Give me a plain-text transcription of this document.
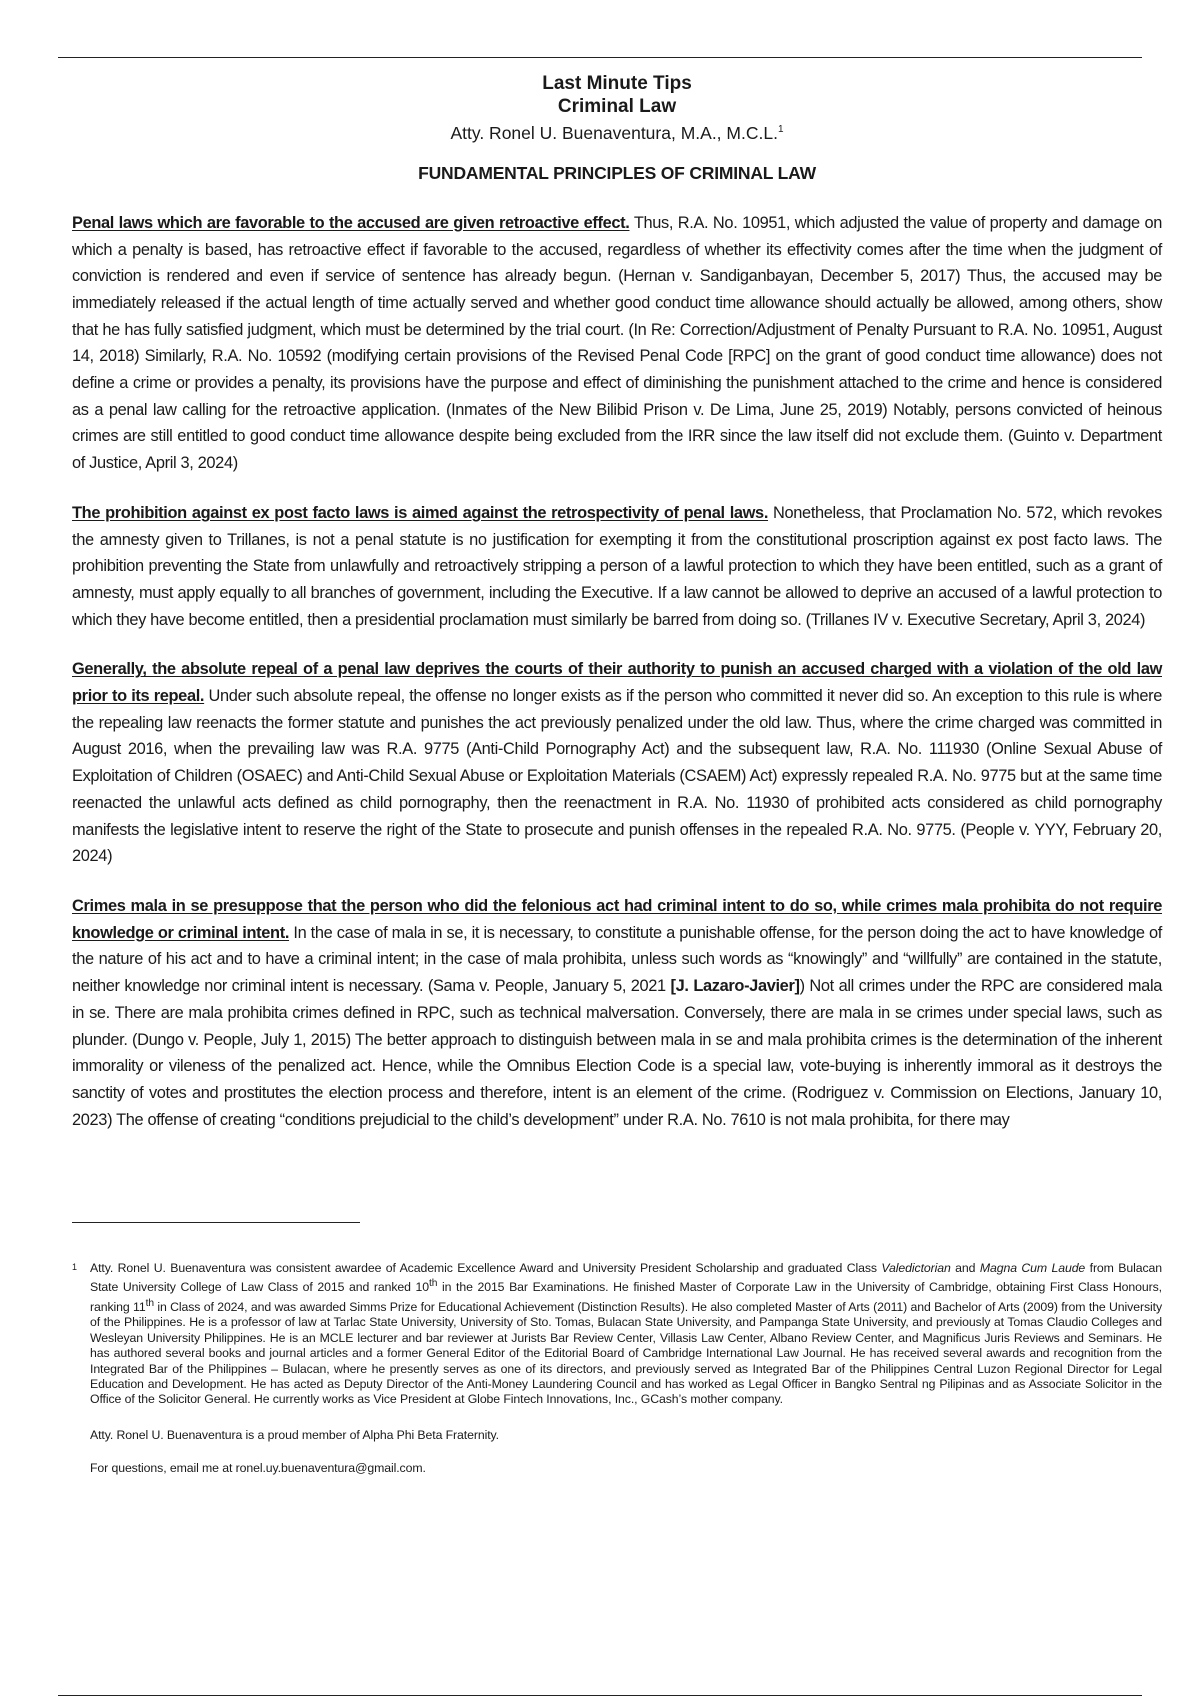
Last Minute Tips
Criminal Law
Atty. Ronel U. Buenaventura, M.A., M.C.L.$^1$
FUNDAMENTAL PRINCIPLES OF CRIMINAL LAW

Penal laws which are favorable to the accused are given retroactive effect. Thus, R.A. No. 10951, which adjusted the value of property and damage on which a penalty is based, has retroactive effect if favorable to the accused, regardless of whether its effectivity comes after the time when the judgment of conviction is rendered and even if service of sentence has already begun. (Hernan v. Sandiganbayan, December 5, 2017) Thus, the accused may be immediately released if the actual length of time actually served and whether good conduct time allowance should actually be allowed, among others, show that he has fully satisfied judgment, which must be determined by the trial court. (In Re: Correction/Adjustment of Penalty Pursuant to R.A. No. 10951, August 14, 2018) Similarly, R.A. No. 10592 (modifying certain provisions of the Revised Penal Code [RPC] on the grant of good conduct time allowance) does not define a crime or provides a penalty, its provisions have the purpose and effect of diminishing the punishment attached to the crime and hence is considered as a penal law calling for the retroactive application. (Inmates of the New Bilibid Prison v. De Lima, June 25, 2019) Notably, persons convicted of heinous crimes are still entitled to good conduct time allowance despite being excluded from the IRR since the law itself did not exclude them. (Guinto v. Department of Justice, April 3, 2024)

The prohibition against ex post facto laws is aimed against the retrospectivity of penal laws. Nonetheless, that Proclamation No. 572, which revokes the amnesty given to Trillanes, is not a penal statute is no justification for exempting it from the constitutional proscription against ex post facto laws. The prohibition preventing the State from unlawfully and retroactively stripping a person of a lawful protection to which they have been entitled, such as a grant of amnesty, must apply equally to all branches of government, including the Executive. If a law cannot be allowed to deprive an accused of a lawful protection to which they have become entitled, then a presidential proclamation must similarly be barred from doing so. (Trillanes IV v. Executive Secretary, April 3, 2024)

Generally, the absolute repeal of a penal law deprives the courts of their authority to punish an accused charged with a violation of the old law prior to its repeal. Under such absolute repeal, the offense no longer exists as if the person who committed it never did so. An exception to this rule is where the repealing law reenacts the former statute and punishes the act previously penalized under the old law. Thus, where the crime charged was committed in August 2016, when the prevailing law was R.A. 9775 (Anti-Child Pornography Act) and the subsequent law, R.A. No. 111930 (Online Sexual Abuse of Exploitation of Children (OSAEC) and Anti-Child Sexual Abuse or Exploitation Materials (CSAEM) Act) expressly repealed R.A. No. 9775 but at the same time reenacted the unlawful acts defined as child pornography, then the reenactment in R.A. No. 11930 of prohibited acts considered as child pornography manifests the legislative intent to reserve the right of the State to prosecute and punish offenses in the repealed R.A. No. 9775. (People v. YYY, February 20, 2024)

Crimes mala in se presuppose that the person who did the felonious act had criminal intent to do so, while crimes mala prohibita do not require knowledge or criminal intent. In the case of mala in se, it is necessary, to constitute a punishable offense, for the person doing the act to have knowledge of the nature of his act and to have a criminal intent; in the case of mala prohibita, unless such words as “knowingly” and “willfully” are contained in the statute, neither knowledge nor criminal intent is necessary. (Sama v. People, January 5, 2021 [J. Lazaro-Javier]) Not all crimes under the RPC are considered mala in se. There are mala prohibita crimes defined in RPC, such as technical malversation. Conversely, there are mala in se crimes under special laws, such as plunder. (Dungo v. People, July 1, 2015) The better approach to distinguish between mala in se and mala prohibita crimes is the determination of the inherent immorality or vileness of the penalized act. Hence, while the Omnibus Election Code is a special law, vote-buying is inherently immoral as it destroys the sanctity of votes and prostitutes the election process and therefore, intent is an element of the crime. (Rodriguez v. Commission on Elections, January 10, 2023) The offense of creating “conditions prejudicial to the child’s development” under R.A. No. 7610 is not mala prohibita, for there may

1	Atty. Ronel U. Buenaventura was consistent awardee of Academic Excellence Award and University President Scholarship and graduated Class Valedictorian and Magna Cum Laude from Bulacan State University College of Law Class of 2015 and ranked 10th in the 2015 Bar Examinations. He finished Master of Corporate Law in the University of Cambridge, obtaining First Class Honours, ranking 11th in Class of 2024, and was awarded Simms Prize for Educational Achievement (Distinction Results). He also completed Master of Arts (2011) and Bachelor of Arts (2009) from the University of the Philippines. He is a professor of law at Tarlac State University, University of Sto. Tomas, Bulacan State University, and Pampanga State University, and previously at Tomas Claudio Colleges and Wesleyan University Philippines. He is an MCLE lecturer and bar reviewer at Jurists Bar Review Center, Villasis Law Center, Albano Review Center, and Magnificus Juris Reviews and Seminars. He has authored several books and journal articles and a former General Editor of the Editorial Board of Cambridge International Law Journal. He has received several awards and recognition from the Integrated Bar of the Philippines – Bulacan, where he presently serves as one of its directors, and previously served as Integrated Bar of the Philippines Central Luzon Regional Director for Legal Education and Development. He has acted as Deputy Director of the Anti-Money Laundering Council and has worked as Legal Officer in Bangko Sentral ng Pilipinas and as Associate Solicitor in the Office of the Solicitor General. He currently works as Vice President at Globe Fintech Innovations, Inc., GCash’s mother company.
Atty. Ronel U. Buenaventura is a proud member of Alpha Phi Beta Fraternity.
For questions, email me at ronel.uy.buenaventura@gmail.com.
